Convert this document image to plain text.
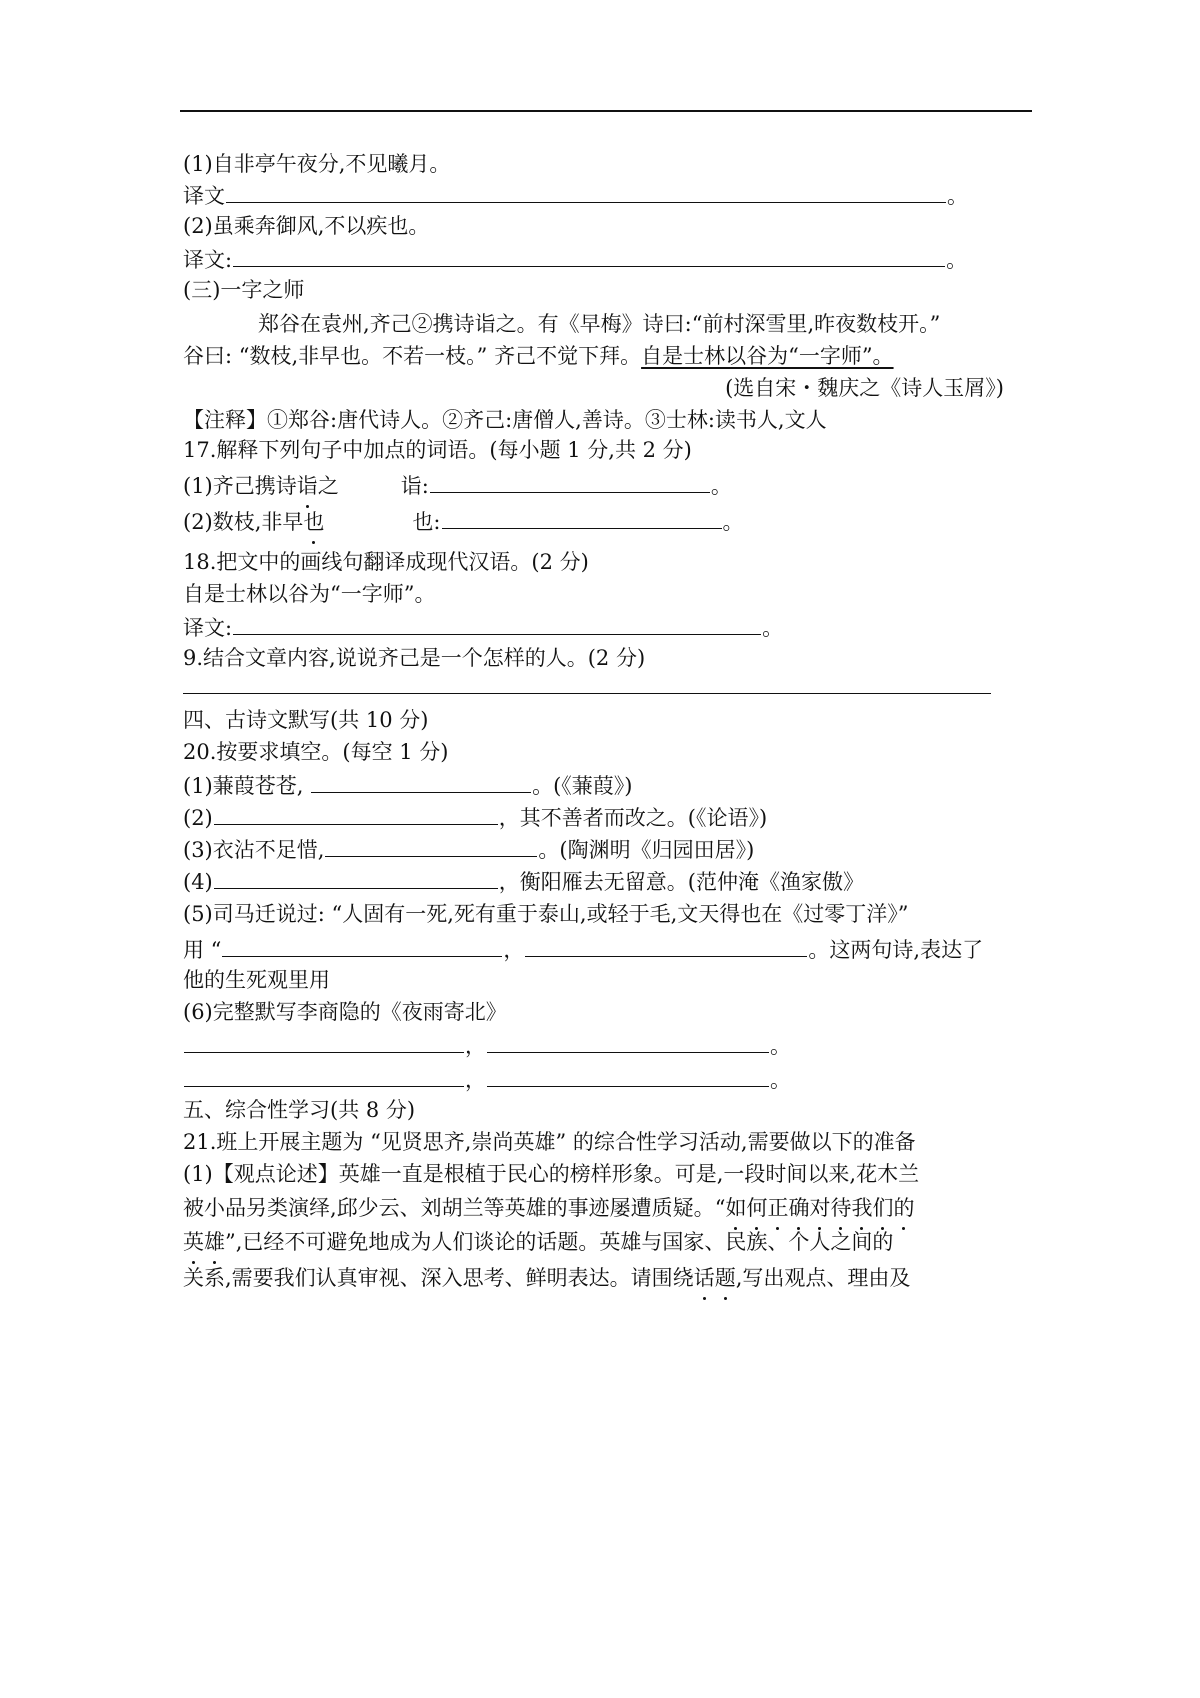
(1)自非亭午夜分,不见曦月。
译文	。
(2)虽乘奔御风,不以疾也。
译文:	。
(三)一字之师
郑谷在袁州,齐己②携诗诣之。有《早梅》诗曰:“前村深雪里,昨夜数枝开。”
谷曰: “数枝,非早也。不若一枝。” 齐己不觉下拜。自是士林以谷为“一字师”。
(选自宋・魏庆之《诗人玉屑》)
【注释】①郑谷:唐代诗人。②齐己:唐僧人,善诗。③士林:读书人,文人
17.解释下列句子中加点的词语。(每小题 1 分,共 2 分)
(1)齐己携诗诣之	诣:	。
(2)数枝,非早也	也:	。
18.把文中的画线句翻译成现代汉语。(2 分)
自是士林以谷为“一字师”。
译文:	。
9.结合文章内容,说说齐己是一个怎样的人。(2 分)
四、古诗文默写(共 10 分)
20.按要求填空。(每空 1 分)
(1)蒹葭苍苍,	。(《蒹葭》)
(2)	，其不善者而改之。(《论语》)
(3)衣沾不足惜,	。(陶渊明《归园田居》)
(4)	，衡阳雁去无留意。(范仲淹《渔家傲》
(5)司马迁说过: “人固有一死,死有重于泰山,或轻于毛,文天得也在《过零丁洋》”
用 “	，	。这两句诗,表达了
他的生死观里用
(6)完整默写李商隐的《夜雨寄北》
，	。
，	。
五、综合性学习(共 8 分)
21.班上开展主题为 “见贤思齐,崇尚英雄” 的综合性学习活动,需要做以下的准备
(1)【观点论述】英雄一直是根植于民心的榜样形象。可是,一段时间以来,花木兰
被小品另类演绎,邱少云、刘胡兰等英雄的事迹屡遭质疑。“如何正确对待我们的
英雄”,已经不可避免地成为人们谈论的话题。英雄与国家、民族、个人之间的
关系,需要我们认真审视、深入思考、鲜明表达。请围绕话题,写出观点、理由及
